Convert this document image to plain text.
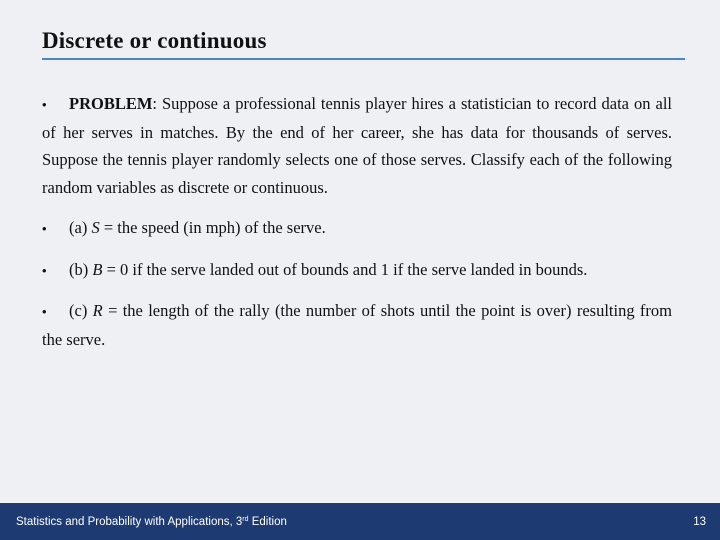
Discrete or continuous

• PROBLEM: Suppose a professional tennis player hires a statistician to record data on all of her serves in matches. By the end of her career, she has data for thousands of serves. Suppose the tennis player randomly selects one of those serves. Classify each of the following random variables as discrete or continuous.

• (a) S = the speed (in mph) of the serve.

• (b) B = 0 if the serve landed out of bounds and 1 if the serve landed in bounds.

• (c) R = the length of the rally (the number of shots until the point is over) resulting from the serve.

Statistics and Probability with Applications, 3rd Edition	13
